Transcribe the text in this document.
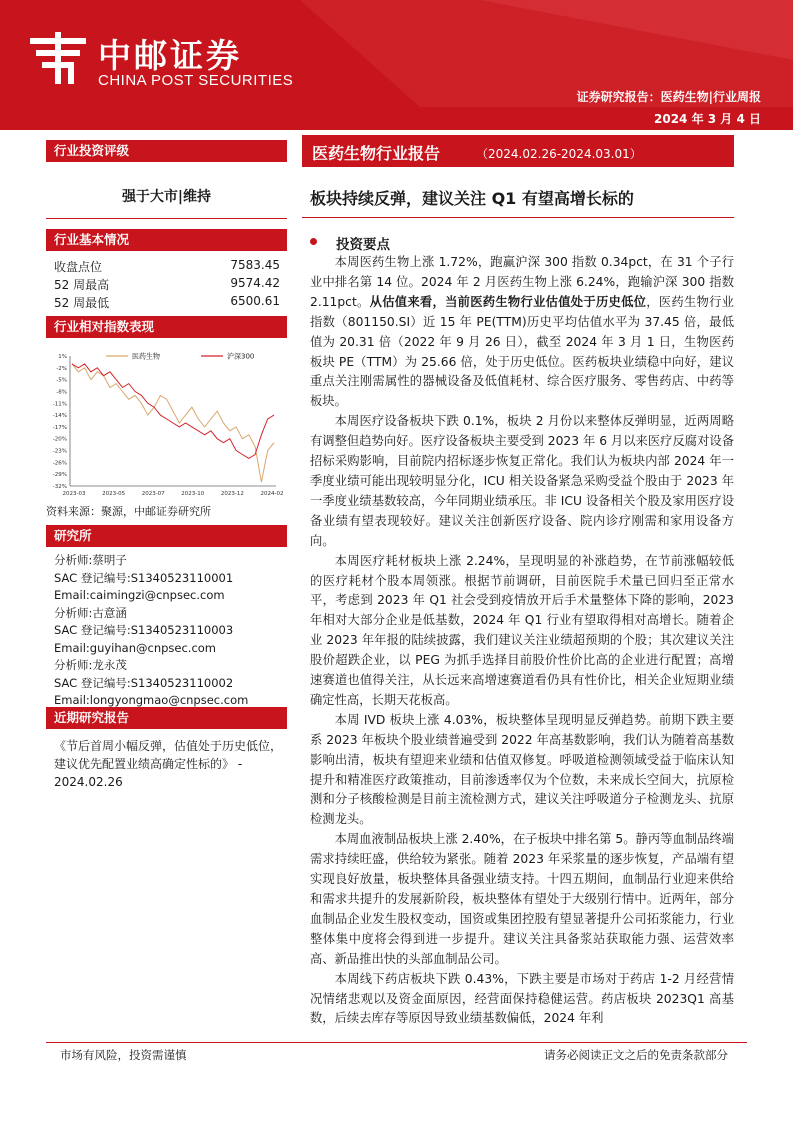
中邮证券
CHINA POST SECURITIES
证券研究报告：医药生物|行业周报
2024 年 3 月 4 日
行业投资评级
强于大市|维持
行业基本情况
收盘点位	7583.45
52 周最高	9574.42
52 周最低	6500.61
行业相对指数表现
1%
-2%
-5%
-8%
-11%
-14%
-17%
-20%
-23%
-26%
-29%
-32%
2023-03	2023-05	2023-07	2023-10	2023-12	2024-02
医药生物	沪深300
资料来源：聚源，中邮证券研究所
研究所
分析师:蔡明子
SAC 登记编号:S1340523110001
Email:caimingzi@cnpsec.com
分析师:古意涵
SAC 登记编号:S1340523110003
Email:guyihan@cnpsec.com
分析师:龙永茂
SAC 登记编号:S1340523110002
Email:longyongmao@cnpsec.com
近期研究报告
《节后首周小幅反弹，估值处于历史低位，建议优先配置业绩高确定性标的》 - 2024.02.26
医药生物行业报告	（2024.02.26-2024.03.01）
板块持续反弹，建议关注 Q1 有望高增长标的
投资要点

本周医药生物上涨 1.72%，跑赢沪深 300 指数 0.34pct，在 31 个子行业中排名第 14 位。2024 年 2 月医药生物上涨 6.24%，跑输沪深 300 指数 2.11pct。从估值来看，当前医药生物行业估值处于历史低位，医药生物行业指数（801150.SI）近 15 年 PE(TTM)历史平均估值水平为 37.45 倍，最低值为 20.31 倍（2022 年 9 月 26 日），截至 2024 年 3 月 1 日，生物医药板块 PE（TTM）为 25.66 倍，处于历史低位。医药板块业绩稳中向好，建议重点关注刚需属性的器械设备及低值耗材、综合医疗服务、零售药店、中药等板块。

本周医疗设备板块下跌 0.1%，板块 2 月份以来整体反弹明显，近两周略有调整但趋势向好。医疗设备板块主要受到 2023 年 6 月以来医疗反腐对设备招标采购影响，目前院内招标逐步恢复正常化。我们认为板块内部 2024 年一季度业绩可能出现较明显分化，ICU 相关设备紧急采购受益个股由于 2023 年一季度业绩基数较高，今年同期业绩承压。非 ICU 设备相关个股及家用医疗设备业绩有望表现较好。建议关注创新医疗设备、院内诊疗刚需和家用设备方向。

本周医疗耗材板块上涨 2.24%，呈现明显的补涨趋势，在节前涨幅较低的医疗耗材个股本周领涨。根据节前调研，目前医院手术量已回归至正常水平，考虑到 2023 年 Q1 社会受到疫情放开后手术量整体下降的影响，2023 年相对大部分企业是低基数，2024 年 Q1 行业有望取得相对高增长。随着企业 2023 年年报的陆续披露，我们建议关注业绩超预期的个股；其次建议关注股价超跌企业，以 PEG 为抓手选择目前股价性价比高的企业进行配置；高增速赛道也值得关注，从长远来高增速赛道看仍具有性价比，相关企业短期业绩确定性高，长期天花板高。

本周 IVD 板块上涨 4.03%，板块整体呈现明显反弹趋势。前期下跌主要系 2023 年板块个股业绩普遍受到 2022 年高基数影响，我们认为随着高基数影响出清，板块有望迎来业绩和估值双修复。呼吸道检测领域受益于临床认知提升和精准医疗政策推动，目前渗透率仅为个位数，未来成长空间大，抗原检测和分子核酸检测是目前主流检测方式，建议关注呼吸道分子检测龙头、抗原检测龙头。

本周血液制品板块上涨 2.40%，在子板块中排名第 5。静丙等血制品终端需求持续旺盛，供给较为紧张。随着 2023 年采浆量的逐步恢复，产品端有望实现良好放量，板块整体具备强业绩支持。十四五期间，血制品行业迎来供给和需求共提升的发展新阶段，板块整体有望处于大级别行情中。近两年，部分血制品企业发生股权变动，国资或集团控股有望显著提升公司拓浆能力，行业整体集中度将会得到进一步提升。建议关注具备浆站获取能力强、运营效率高、新品推出快的头部血制品公司。

本周线下药店板块下跌 0.43%，下跌主要是市场对于药店 1-2 月经营情况情绪悲观以及资金面原因，经营面保持稳健运营。药店板块 2023Q1 高基数，后续去库存等原因导致业绩基数偏低，2024 年利

市场有风险，投资需谨慎	请务必阅读正文之后的免责条款部分
